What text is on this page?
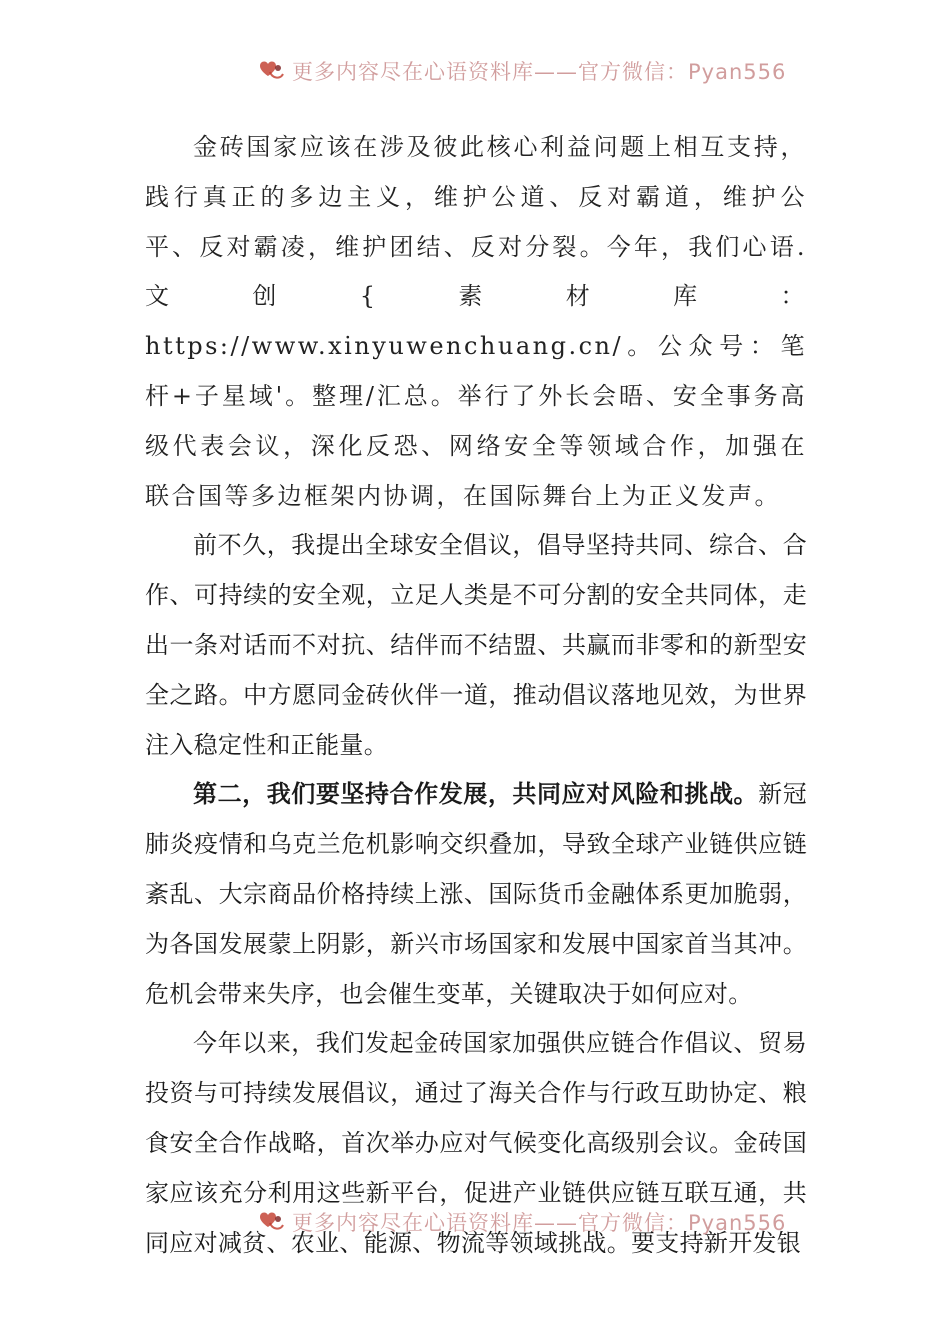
更多内容尽在心语资料库——官方微信：Pyan556

金砖国家应该在涉及彼此核心利益问题上相互支持，践行真正的多边主义，维护公道、反对霸道，维护公平、反对霸凌，维护团结、反对分裂。今年，我们心语.文创{素材库：https://www.xinyuwenchuang.cn/。公众号：笔杆+子星域'。整理/汇总。举行了外长会晤、安全事务高级代表会议，深化反恐、网络安全等领域合作，加强在联合国等多边框架内协调，在国际舞台上为正义发声。

前不久，我提出全球安全倡议，倡导坚持共同、综合、合作、可持续的安全观，立足人类是不可分割的安全共同体，走出一条对话而不对抗、结伴而不结盟、共赢而非零和的新型安全之路。中方愿同金砖伙伴一道，推动倡议落地见效，为世界注入稳定性和正能量。

第二，我们要坚持合作发展，共同应对风险和挑战。新冠肺炎疫情和乌克兰危机影响交织叠加，导致全球产业链供应链紊乱、大宗商品价格持续上涨、国际货币金融体系更加脆弱，为各国发展蒙上阴影，新兴市场国家和发展中国家首当其冲。危机会带来失序，也会催生变革，关键取决于如何应对。

今年以来，我们发起金砖国家加强供应链合作倡议、贸易投资与可持续发展倡议，通过了海关合作与行政互助协定、粮食安全合作战略，首次举办应对气候变化高级别会议。金砖国家应该充分利用这些新平台，促进产业链供应链互联互通，共同应对减贫、农业、能源、物流等领域挑战。要支持新开发银

更多内容尽在心语资料库——官方微信：Pyan556
